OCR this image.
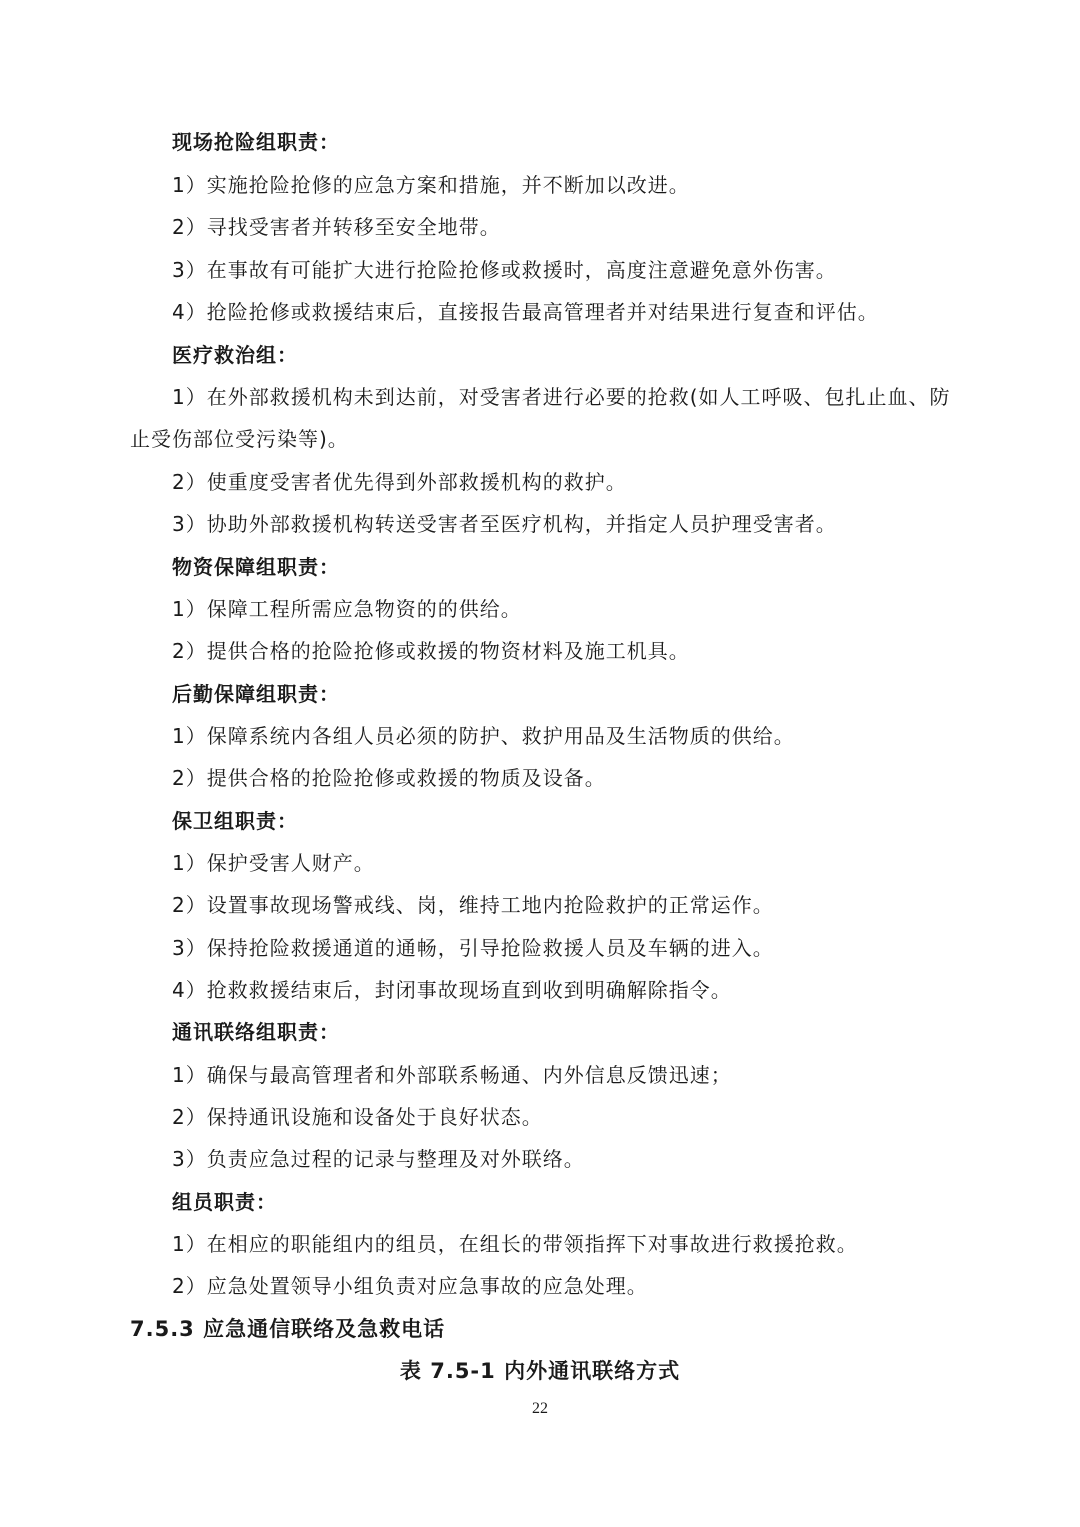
现场抢险组职责：
1）实施抢险抢修的应急方案和措施，并不断加以改进。
2）寻找受害者并转移至安全地带。
3）在事故有可能扩大进行抢险抢修或救援时，高度注意避免意外伤害。
4）抢险抢修或救援结束后，直接报告最高管理者并对结果进行复查和评估。
医疗救治组：
1）在外部救援机构未到达前，对受害者进行必要的抢救(如人工呼吸、包扎止血、防
止受伤部位受污染等)。
2）使重度受害者优先得到外部救援机构的救护。
3）协助外部救援机构转送受害者至医疗机构，并指定人员护理受害者。
物资保障组职责：
1）保障工程所需应急物资的的供给。
2）提供合格的抢险抢修或救援的物资材料及施工机具。
后勤保障组职责：
1）保障系统内各组人员必须的防护、救护用品及生活物质的供给。
2）提供合格的抢险抢修或救援的物质及设备。
保卫组职责：
1）保护受害人财产。
2）设置事故现场警戒线、岗，维持工地内抢险救护的正常运作。
3）保持抢险救援通道的通畅，引导抢险救援人员及车辆的进入。
4）抢救救援结束后，封闭事故现场直到收到明确解除指令。
通讯联络组职责：
1）确保与最高管理者和外部联系畅通、内外信息反馈迅速；
2）保持通讯设施和设备处于良好状态。
3）负责应急过程的记录与整理及对外联络。
组员职责：
1）在相应的职能组内的组员，在组长的带领指挥下对事故进行救援抢救。
2）应急处置领导小组负责对应急事故的应急处理。
7.5.3 应急通信联络及急救电话
表 7.5-1 内外通讯联络方式
22
